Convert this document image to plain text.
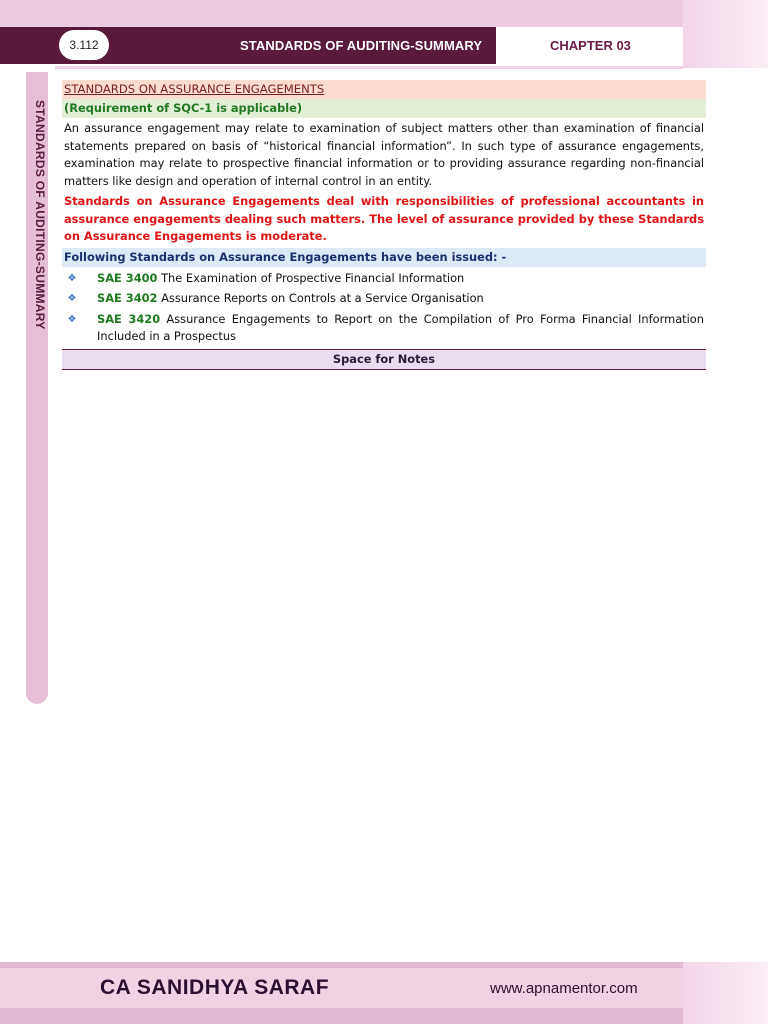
3.112	STANDARDS OF AUDITING-SUMMARY	CHAPTER 03
STANDARDS OF AUDITING-SUMMARY
STANDARDS ON ASSURANCE ENGAGEMENTS
(Requirement of SQC-1 is applicable)

An assurance engagement may relate to examination of subject matters other than examination of financial statements prepared on basis of “historical financial information”. In such type of assurance engagements, examination may relate to prospective financial information or to providing assurance regarding non-financial matters like design and operation of internal control in an entity.

Standards on Assurance Engagements deal with responsibilities of professional accountants in assurance engagements dealing such matters. The level of assurance provided by these Standards on Assurance Engagements is moderate.

Following Standards on Assurance Engagements have been issued: -
❖ SAE 3400 The Examination of Prospective Financial Information
❖ SAE 3402 Assurance Reports on Controls at a Service Organisation
❖ SAE 3420 Assurance Engagements to Report on the Compilation of Pro Forma Financial Information Included in a Prospectus
Space for Notes
CA SANIDHYA SARAF	www.apnamentor.com
